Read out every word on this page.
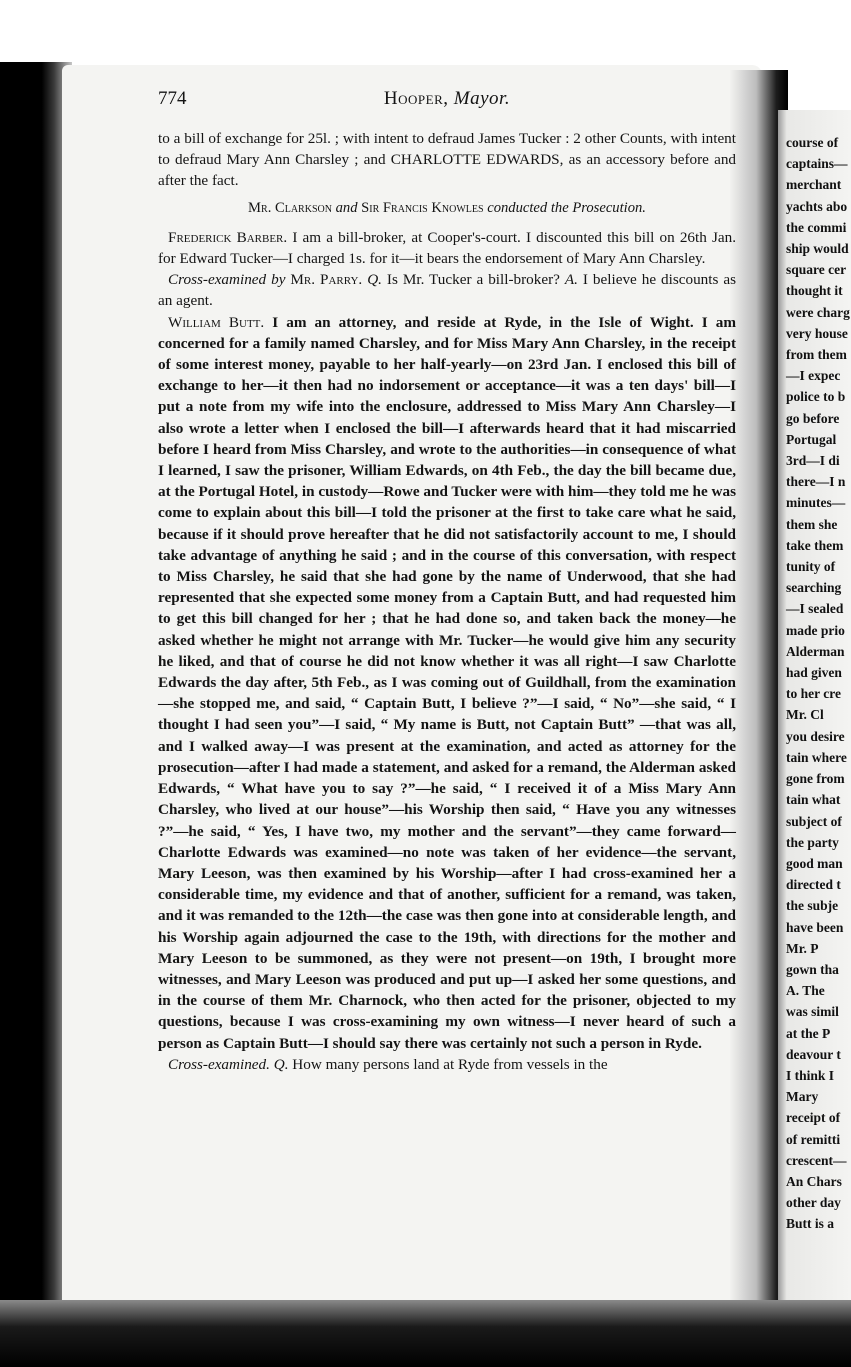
course of
captains—
merchant
yachts abo
the commi
ship would
square cer
thought it
were charg
very house
from them
—I expec
police to b
go before
Portugal
3rd—I di
there—I n
minutes—
them she
take them
tunity of
searching
—I sealed
made prio
Alderman
had given
to her cre
Mr. Cl
you desire
tain where
gone from
tain what
subject of
the party
good man
directed t
the subje
have been
Mr. P
gown tha
A. The
was simil
at the P
deavour t
I think I
Mary
receipt of
of remitti
crescent—
An Chars
other day
Butt is a
774	Hooper, Mayor.

to a bill of exchange for 25l. ; with intent to defraud James Tucker : 2 other Counts, with intent to defraud Mary Ann Charsley ; and CHARLOTTE EDWARDS, as an accessory before and after the fact.

Mr. Clarkson and Sir Francis Knowles conducted the Prosecution.

Frederick Barber. I am a bill-broker, at Cooper's-court. I discounted this bill on 26th Jan. for Edward Tucker—I charged 1s. for it—it bears the endorsement of Mary Ann Charsley.

Cross-examined by Mr. Parry. Q. Is Mr. Tucker a bill-broker? A. I believe he discounts as an agent.

William Butt. I am an attorney, and reside at Ryde, in the Isle of Wight. I am concerned for a family named Charsley, and for Miss Mary Ann Charsley, in the receipt of some interest money, payable to her half-yearly—on 23rd Jan. I enclosed this bill of exchange to her—it then had no indorsement or acceptance—it was a ten days' bill—I put a note from my wife into the enclosure, addressed to Miss Mary Ann Charsley—I also wrote a letter when I enclosed the bill—I afterwards heard that it had miscarried before I heard from Miss Charsley, and wrote to the authorities—in consequence of what I learned, I saw the prisoner, William Edwards, on 4th Feb., the day the bill became due, at the Portugal Hotel, in custody—Rowe and Tucker were with him—they told me he was come to explain about this bill—I told the prisoner at the first to take care what he said, because if it should prove hereafter that he did not satisfactorily account to me, I should take advantage of anything he said ; and in the course of this conversation, with respect to Miss Charsley, he said that she had gone by the name of Underwood, that she had represented that she expected some money from a Captain Butt, and had requested him to get this bill changed for her ; that he had done so, and taken back the money—he asked whether he might not arrange with Mr. Tucker—he would give him any security he liked, and that of course he did not know whether it was all right—I saw Charlotte Edwards the day after, 5th Feb., as I was coming out of Guildhall, from the examination—she stopped me, and said, “ Captain Butt, I believe ?”—I said, “ No”—she said, “ I thought I had seen you”—I said, “ My name is Butt, not Captain Butt” —that was all, and I walked away—I was present at the examination, and acted as attorney for the prosecution—after I had made a statement, and asked for a remand, the Alderman asked Edwards, “ What have you to say ?”—he said, “ I received it of a Miss Mary Ann Charsley, who lived at our house”—his Worship then said, “ Have you any witnesses ?”—he said, “ Yes, I have two, my mother and the servant”—they came forward—Charlotte Edwards was examined—no note was taken of her evidence—the servant, Mary Leeson, was then examined by his Worship—after I had cross-examined her a considerable time, my evidence and that of another, sufficient for a remand, was taken, and it was remanded to the 12th—the case was then gone into at considerable length, and his Worship again adjourned the case to the 19th, with directions for the mother and Mary Leeson to be summoned, as they were not present—on 19th, I brought more witnesses, and Mary Leeson was produced and put up—I asked her some questions, and in the course of them Mr. Charnock, who then acted for the prisoner, objected to my questions, because I was cross-examining my own witness—I never heard of such a person as Captain Butt—I should say there was certainly not such a person in Ryde.

Cross-examined. Q. How many persons land at Ryde from vessels in the
